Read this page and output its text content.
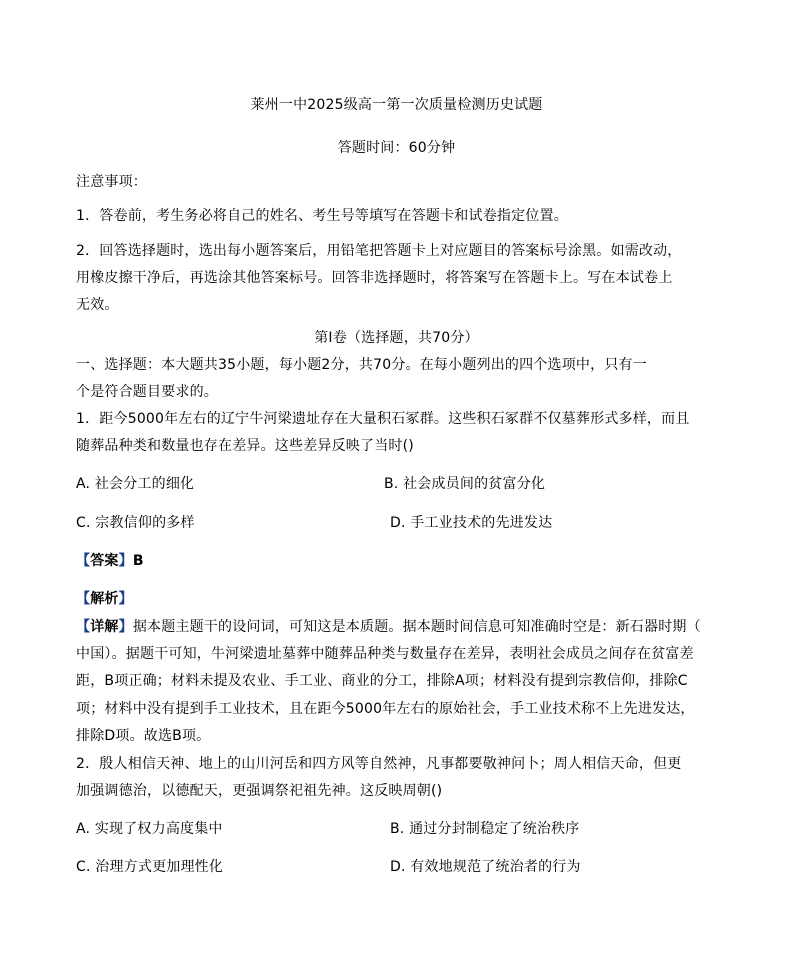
莱州一中2025级高一第一次质量检测历史试题
答题时间：60分钟
注意事项：
1．答卷前，考生务必将自己的姓名、考生号等填写在答题卡和试卷指定位置。
2．回答选择题时，选出每小题答案后，用铅笔把答题卡上对应题目的答案标号涂黑。如需改动，
用橡皮擦干净后，再选涂其他答案标号。回答非选择题时，将答案写在答题卡上。写在本试卷上
无效。
第Ⅰ卷（选择题，共70分）
一、选择题：本大题共35小题，每小题2分，共70分。在每小题列出的四个选项中，只有一
个是符合题目要求的。
1．距今5000年左右的辽宁牛河梁遗址存在大量积石冢群。这些积石冢群不仅墓葬形式多样，而且
随葬品种类和数量也存在差异。这些差异反映了当时()
A. 社会分工的细化	B. 社会成员间的贫富分化
C. 宗教信仰的多样	D. 手工业技术的先进发达
【答案】B
【解析】
【详解】据本题主题干的设问词，可知这是本质题。据本题时间信息可知准确时空是：新石器时期（
中国）。据题干可知，牛河梁遗址墓葬中随葬品种类与数量存在差异，表明社会成员之间存在贫富差
距，B项正确；材料未提及农业、手工业、商业的分工，排除A项；材料没有提到宗教信仰，排除C
项；材料中没有提到手工业技术，且在距今5000年左右的原始社会，手工业技术称不上先进发达，
排除D项。故选B项。
2．殷人相信天神、地上的山川河岳和四方风等自然神，凡事都要敬神问卜；周人相信天命，但更
加强调德治，以德配天，更强调祭祀祖先神。这反映周朝()
A. 实现了权力高度集中	B. 通过分封制稳定了统治秩序
C. 治理方式更加理性化	D. 有效地规范了统治者的行为
